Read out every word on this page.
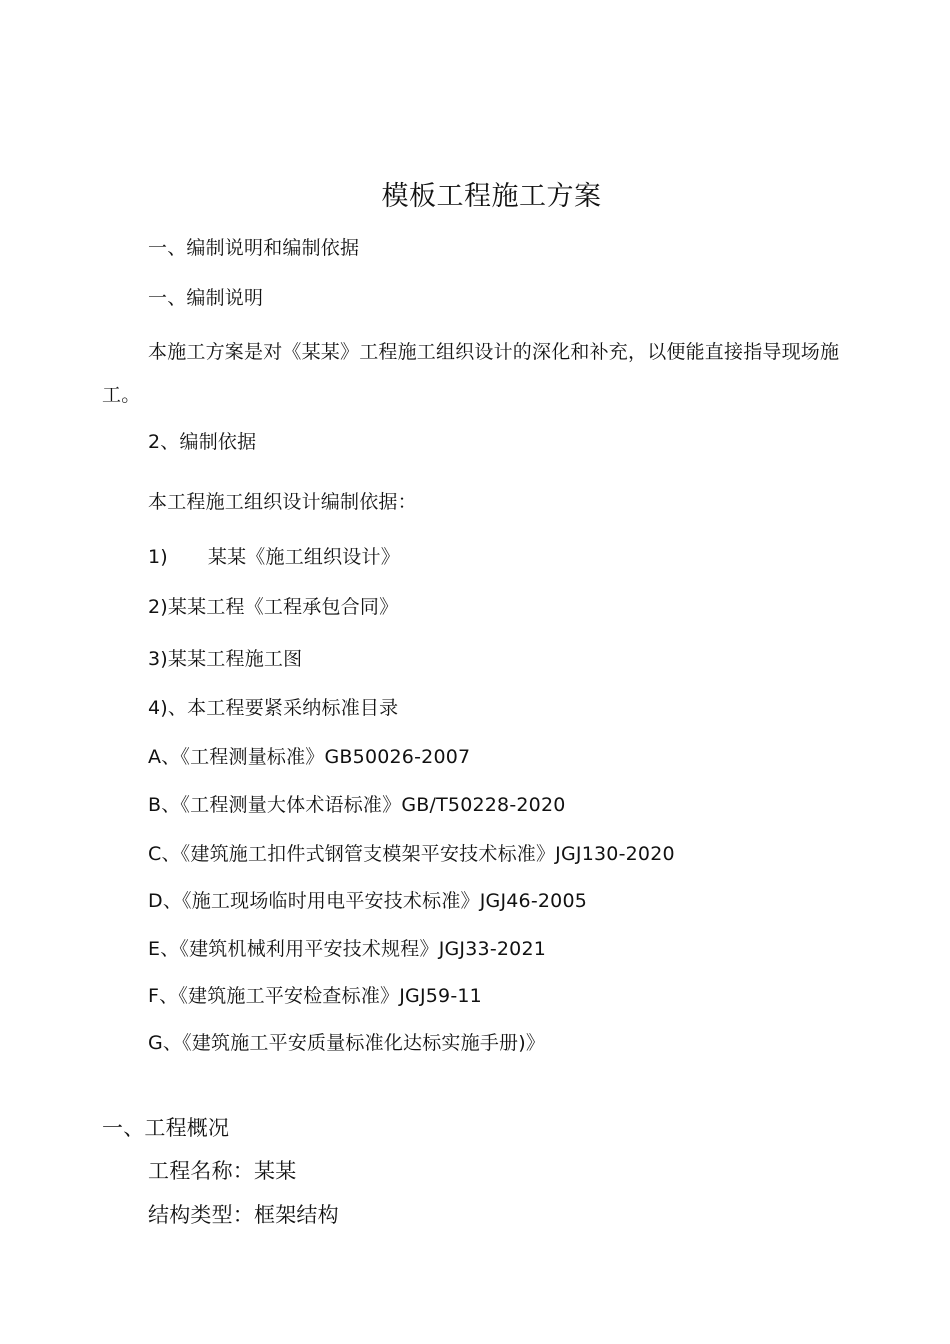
模板工程施工方案
一、编制说明和编制依据
一、编制说明
本施工方案是对《某某》工程施工组织设计的深化和补充，以便能直接指导现场施
工。
2、编制依据
本工程施工组织设计编制依据：
1) 某某《施工组织设计》
2)某某工程《工程承包合同》
3)某某工程施工图
4)、本工程要紧采纳标准目录
A、《工程测量标准》GB50026-2007
B、《工程测量大体术语标准》GB/T50228-2020
C、《建筑施工扣件式钢管支模架平安技术标准》JGJ130-2020
D、《施工现场临时用电平安技术标准》JGJ46-2005
E、《建筑机械利用平安技术规程》JGJ33-2021
F、《建筑施工平安检查标准》JGJ59-11
G、《建筑施工平安质量标准化达标实施手册)》
一、工程概况
工程名称：某某
结构类型：框架结构
